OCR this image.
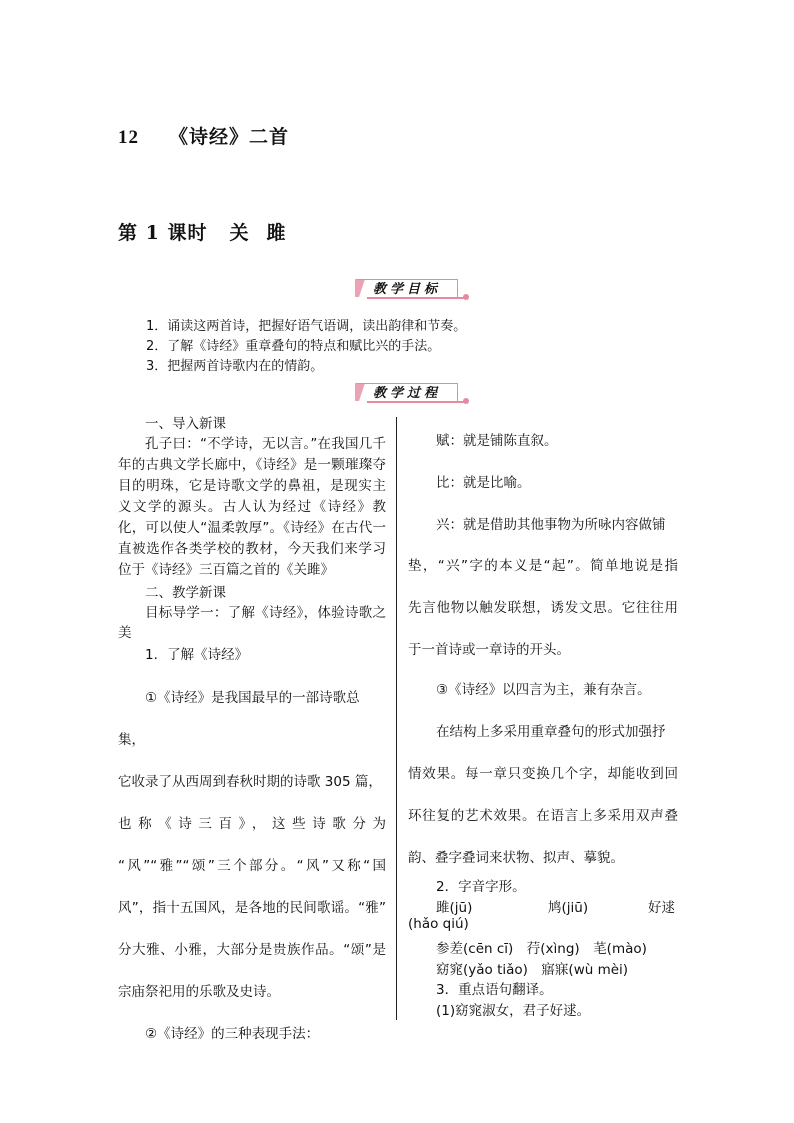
12 《诗经》二首
第 1 课时 关雎
教学目标
1．诵读这两首诗，把握好语气语调，读出韵律和节奏。
2．了解《诗经》重章叠句的特点和赋比兴的手法。
3．把握两首诗歌内在的情韵。
教学过程

一、导入新课

孔子曰：“不学诗，无以言。”在我国几千年的古典文学长廊中，《诗经》是一颗璀璨夺目的明珠，它是诗歌文学的鼻祖，是现实主义文学的源头。古人认为经过《诗经》教化，可以使人“温柔敦厚”。《诗经》在古代一直被选作各类学校的教材，今天我们来学习位于《诗经》三百篇之首的《关雎》

二、教学新课

目标导学一：了解《诗经》，体验诗歌之美

1．了解《诗经》

①《诗经》是我国最早的一部诗歌总集，

它收录了从西周到春秋时期的诗歌 305 篇，

也称《诗三百》，这些诗歌分为

“风”“雅”“颂”三个部分。“风”又称“国

风”，指十五国风，是各地的民间歌谣。“雅”

分大雅、小雅，大部分是贵族作品。“颂”是

宗庙祭祀用的乐歌及史诗。

②《诗经》的三种表现手法：

赋：就是铺陈直叙。
比：就是比喻。
兴：就是借助其他事物为所咏内容做铺
垫，“兴”字的本义是“起”。简单地说是指
先言他物以触发联想，诱发文思。它往往用
于一首诗或一章诗的开头。
③《诗经》以四言为主，兼有杂言。
在结构上多采用重章叠句的形式加强抒
情效果。每一章只变换几个字，却能收到回
环往复的艺术效果。在语言上多采用双声叠
韵、叠字叠词来状物、拟声、摹貌。
2．字音字形。
雎(jū)	鸠(jiū)	好逑
(hǎo qiú)
参差(cēn cī)　荇(xìng)　芼(mào)
窈窕(yǎo tiǎo)　寤寐(wù mèi)
3．重点语句翻译。
(1)窈窕淑女，君子好逑。
